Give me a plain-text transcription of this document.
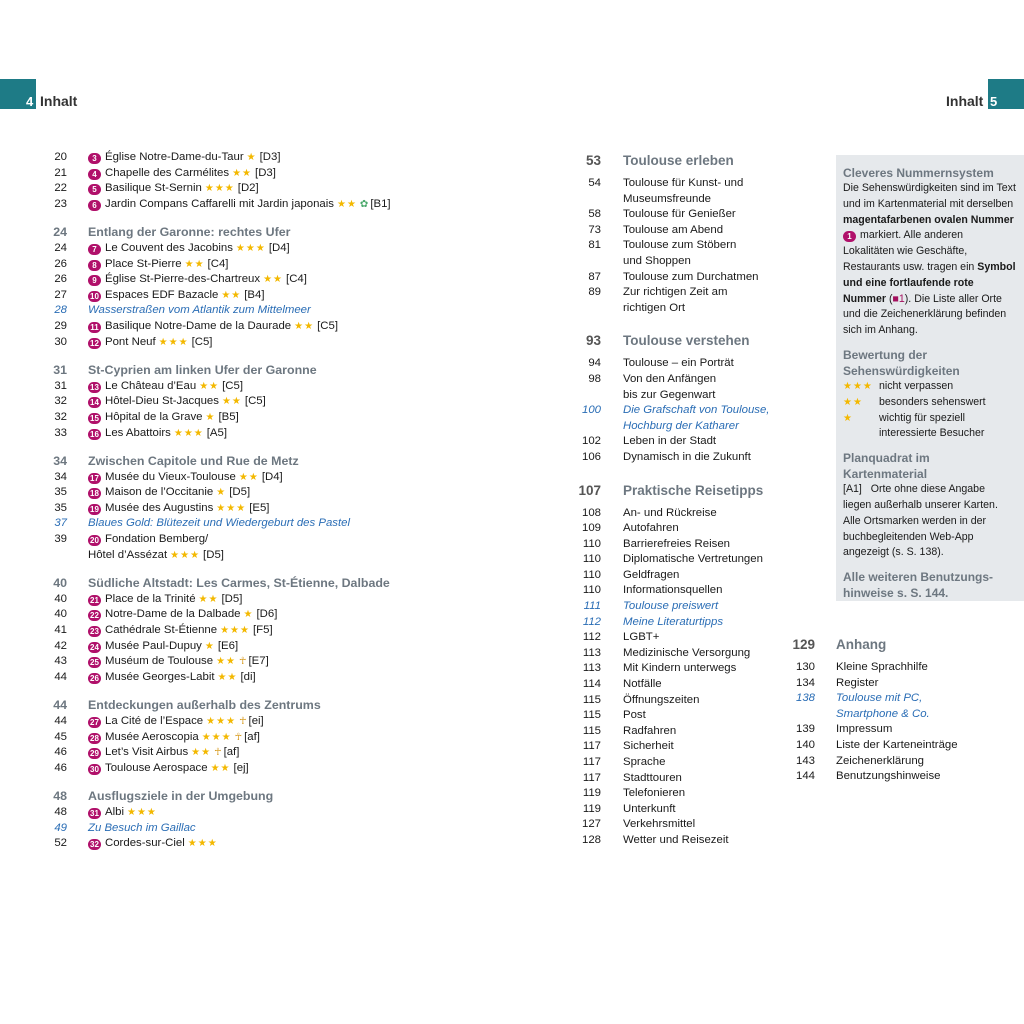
4 Inhalt	Inhalt 5
20	3 Église Notre-Dame-du-Taur ★ [D3]
21	4 Chapelle des Carmélites ★★ [D3]
22	5 Basilique St-Sernin ★★★ [D2]
23	6 Jardin Compans Caffarelli mit Jardin japonais ★★ ✿ [B1]
24 Entlang der Garonne: rechtes Ufer
24	7 Le Couvent des Jacobins ★★★ [D4]
26	8 Place St-Pierre ★★ [C4]
26	9 Église St-Pierre-des-Chartreux ★★ [C4]
27	10 Espaces EDF Bazacle ★★ [B4]
28 Wasserstraßen vom Atlantik zum Mittelmeer
29	11 Basilique Notre-Dame de la Daurade ★★ [C5]
30	12 Pont Neuf ★★★ [C5]
31 St-Cyprien am linken Ufer der Garonne
31	13 Le Château d’Eau ★★ [C5]
32	14 Hôtel-Dieu St-Jacques ★★ [C5]
32	15 Hôpital de la Grave ★ [B5]
33	16 Les Abattoirs ★★★ [A5]
34 Zwischen Capitole und Rue de Metz
34	17 Musée du Vieux-Toulouse ★★ [D4]
35	18 Maison de l’Occitanie ★ [D5]
35	19 Musée des Augustins ★★★ [E5]
37 Blaues Gold: Blütezeit und Wiedergeburt des Pastel
39	20 Fondation Bemberg/
Hôtel d’Assézat ★★★ [D5]
40 Südliche Altstadt: Les Carmes, St-Étienne, Dalbade
40	21 Place de la Trinité ★★ [D5]
40	22 Notre-Dame de la Dalbade ★ [D6]
41	23 Cathédrale St-Étienne ★★★ [F5]
42	24 Musée Paul-Dupuy ★ [E6]
43	25 Muséum de Toulouse ★★ ☥ [E7]
44	26 Musée Georges-Labit ★★ [di]
44 Entdeckungen außerhalb des Zentrums
44	27 La Cité de l’Espace ★★★ ☥ [ei]
45	28 Musée Aeroscopia ★★★ ☥ [af]
46	29 Let’s Visit Airbus ★★ ☥ [af]
46	30 Toulouse Aerospace ★★ [ej]
48 Ausflugsziele in der Umgebung
48	31 Albi ★★★
49 Zu Besuch im Gaillac
52	32 Cordes-sur-Ciel ★★★
53 Toulouse erleben
54 Toulouse für Kunst- und
Museumsfreunde
58 Toulouse für Genießer
73 Toulouse am Abend
81 Toulouse zum Stöbern
und Shoppen
87 Toulouse zum Durchatmen
89 Zur richtigen Zeit am
richtigen Ort
93 Toulouse verstehen
94 Toulouse – ein Porträt
98 Von den Anfängen
bis zur Gegenwart
100 Die Grafschaft von Toulouse,
Hochburg der Katharer
102 Leben in der Stadt
106 Dynamisch in die Zukunft
107 Praktische Reisetipps
108 An- und Rückreise
109 Autofahren
110 Barrierefreies Reisen
110 Diplomatische Vertretungen
110 Geldfragen
110 Informationsquellen
111 Toulouse preiswert
112 Meine Literaturtipps
112 LGBT+
113 Medizinische Versorgung
113 Mit Kindern unterwegs
114 Notfälle
115 Öffnungszeiten
115 Post
115 Radfahren
117 Sicherheit
117 Sprache
117 Stadttouren
119 Telefonieren
119 Unterkunft
127 Verkehrsmittel
128 Wetter und Reisezeit
129 Anhang
130 Kleine Sprachhilfe
134 Register
138 Toulouse mit PC,
Smartphone & Co.
139 Impressum
140 Liste der Karteneinträge
143 Zeichenerklärung
144 Benutzungshinweise
Cleveres Nummernsystem
Die Sehenswürdigkeiten sind im Text und im Kartenmaterial mit derselben magentafarbenen ovalen Nummer 1 markiert. Alle anderen Lokalitäten wie Geschäfte, Restaurants usw. tragen ein Symbol und eine fortlaufende rote Nummer (■1). Die Liste aller Orte und die Zeichenerklärung befinden sich im Anhang.
Bewertung der
Sehenswürdigkeiten
★★★ nicht verpassen
★★	besonders sehenswert
★	wichtig für speziell
interessierte Besucher
Planquadrat im Kartenmaterial
[A1] Orte ohne diese Angabe liegen außerhalb unserer Karten. Alle Ortsmarken werden in der buchbegleitenden Web-App angezeigt (s. S. 138).
Alle weiteren Benutzungs-
hinweise s. S. 144.
